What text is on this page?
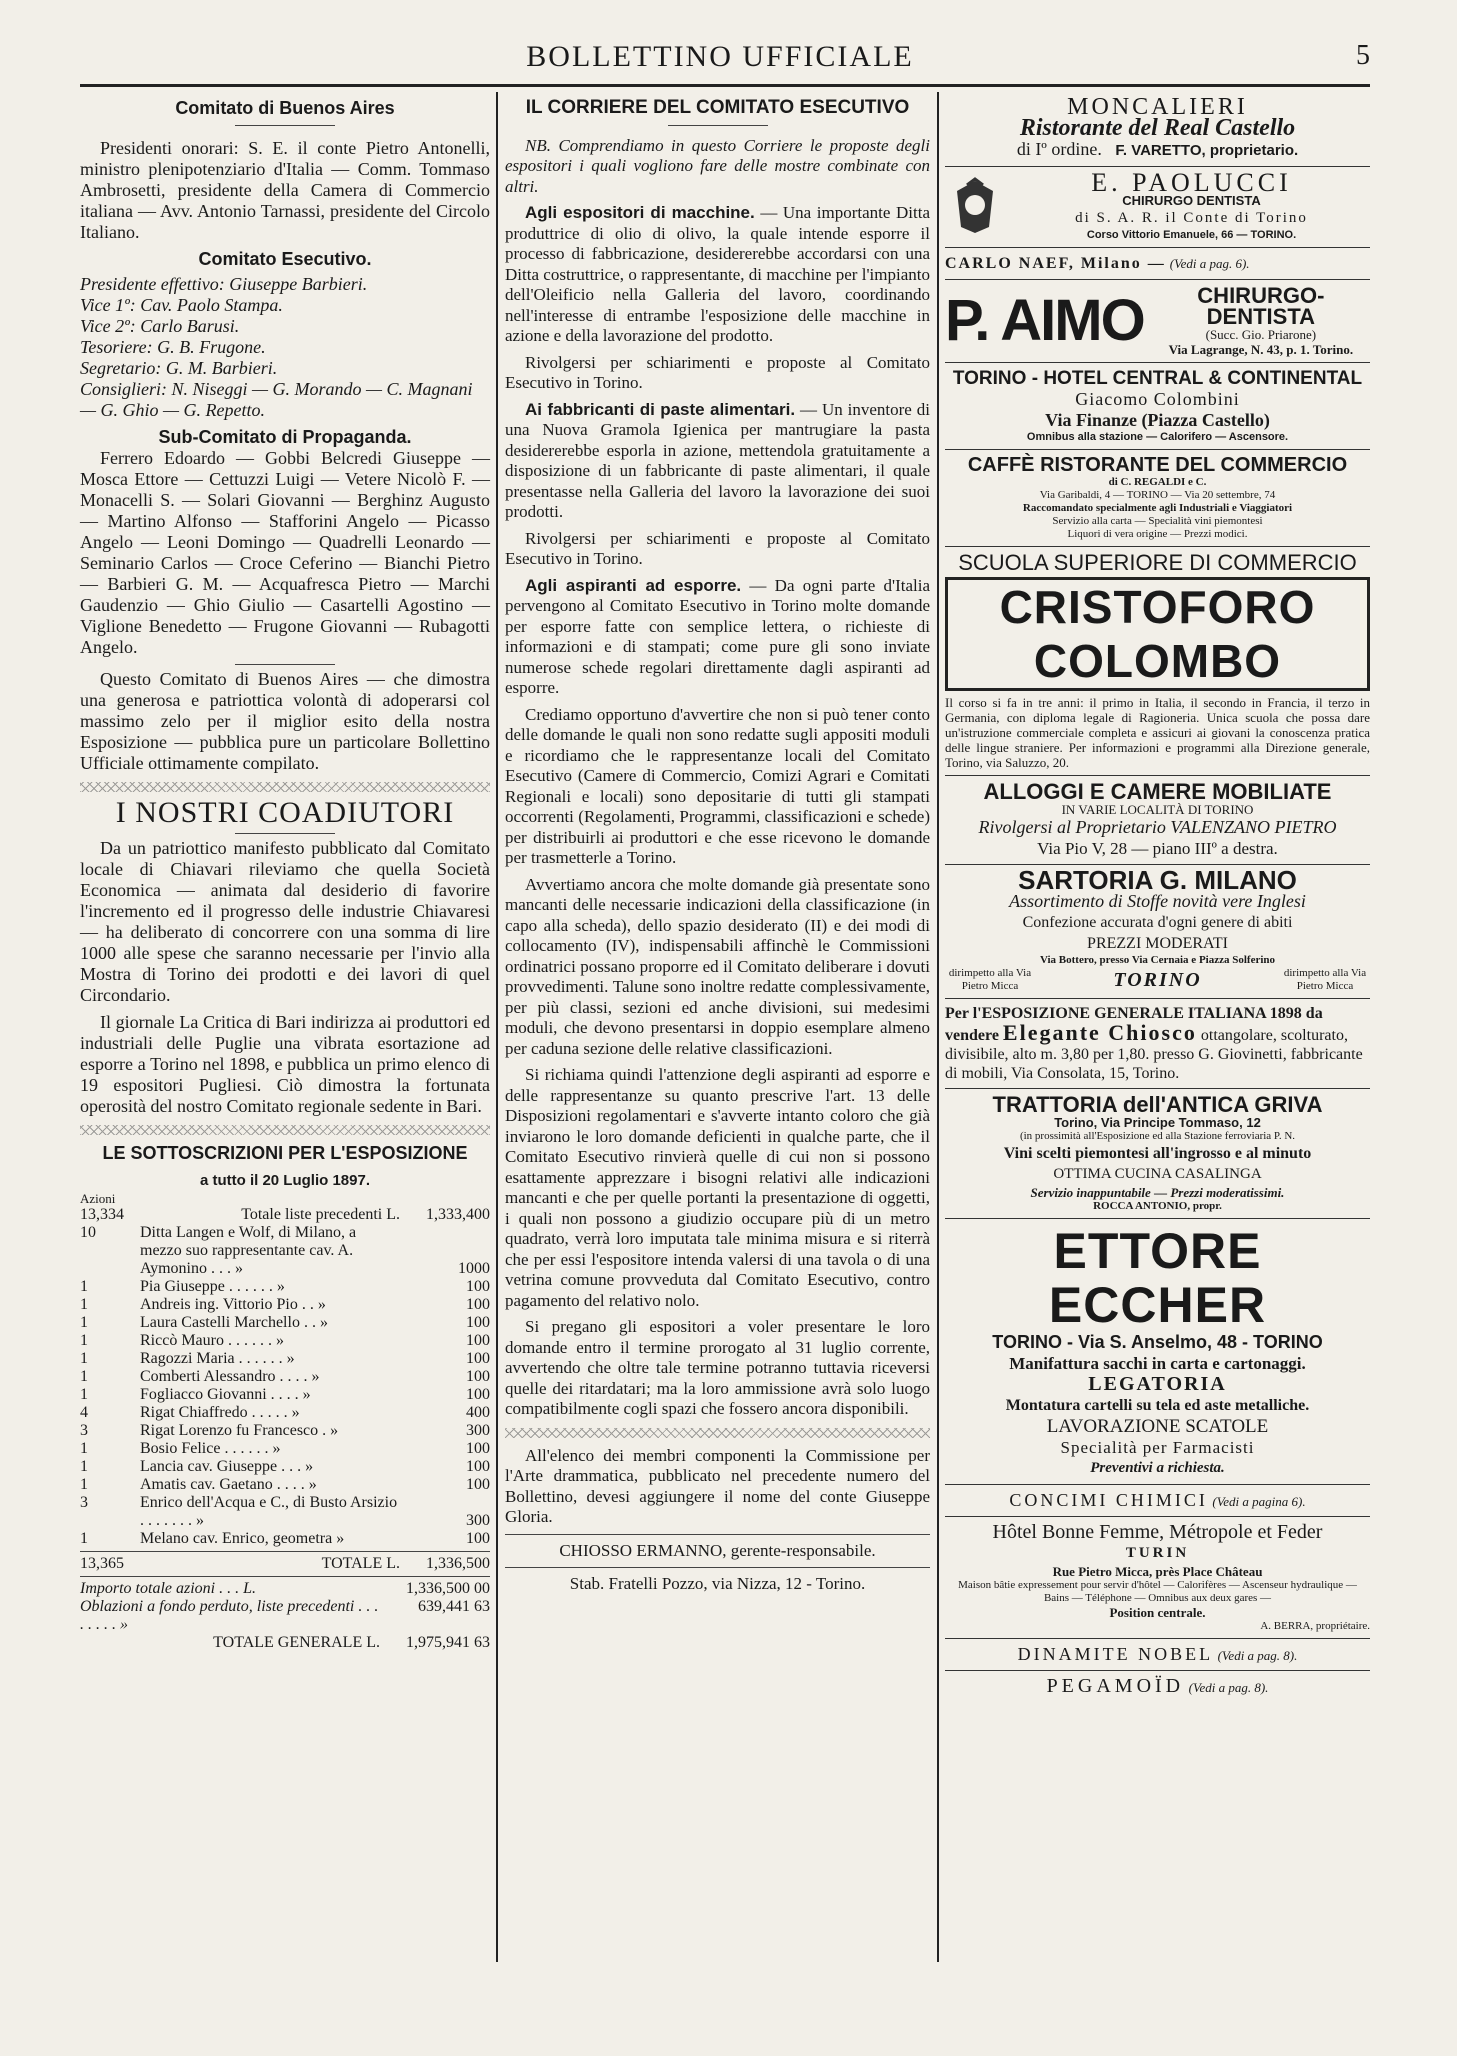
BOLLETTINO UFFICIALE	5
Comitato di Buenos Aires

Presidenti onorari: S. E. il conte Pietro Antonelli, ministro plenipotenziario d'Italia — Comm. Tommaso Ambrosetti, presidente della Camera di Commercio italiana — Avv. Antonio Tarnassi, presidente del Circolo Italiano.

Comitato Esecutivo.
Presidente effettivo: Giuseppe Barbieri.
Vice 1º: Cav. Paolo Stampa.
Vice 2º: Carlo Barusi.
Tesoriere: G. B. Frugone.
Segretario: G. M. Barbieri.
Consiglieri: N. Niseggi — G. Morando — C. Magnani — G. Ghio — G. Repetto.
Sub-Comitato di Propaganda.

Ferrero Edoardo — Gobbi Belcredi Giuseppe — Mosca Ettore — Cettuzzi Luigi — Vetere Nicolò F. — Monacelli S. — Solari Giovanni — Berghinz Augusto — Martino Alfonso — Stafforini Angelo — Picasso Angelo — Leoni Domingo — Quadrelli Leonardo — Seminario Carlos — Croce Ceferino — Bianchi Pietro — Barbieri G. M. — Acquafresca Pietro — Marchi Gaudenzio — Ghio Giulio — Casartelli Agostino — Viglione Benedetto — Frugone Giovanni — Rubagotti Angelo.

Questo Comitato di Buenos Aires — che dimostra una generosa e patriottica volontà di adoperarsi col massimo zelo per il miglior esito della nostra Esposizione — pubblica pure un particolare Bollettino Ufficiale ottimamente compilato.

I NOSTRI COADIUTORI

Da un patriottico manifesto pubblicato dal Comitato locale di Chiavari rileviamo che quella Società Economica — animata dal desiderio di favorire l'incremento ed il progresso delle industrie Chiavaresi — ha deliberato di concorrere con una somma di lire 1000 alle spese che saranno necessarie per l'invio alla Mostra di Torino dei prodotti e dei lavori di quel Circondario.

Il giornale La Critica di Bari indirizza ai produttori ed industriali delle Puglie una vibrata esortazione ad esporre a Torino nel 1898, e pubblica un primo elenco di 19 espositori Pugliesi. Ciò dimostra la fortunata operosità del nostro Comitato regionale sedente in Bari.

LE SOTTOSCRIZIONI PER L'ESPOSIZIONE
a tutto il 20 Luglio 1897.
Azioni
13,334	Totale liste precedenti L.	1,333,400
10	Ditta Langen e Wolf, di Milano, a mezzo suo rappresentante cav. A. Aymonino . . . »	1000
1	Pia Giuseppe . . . . . . »	100
1	Andreis ing. Vittorio Pio . . »	100
1	Laura Castelli Marchello . . »	100
1	Riccò Mauro . . . . . . »	100
1	Ragozzi Maria . . . . . . »	100
1	Comberti Alessandro . . . . »	100
1	Fogliacco Giovanni . . . . »	100
4	Rigat Chiaffredo . . . . . »	400
3	Rigat Lorenzo fu Francesco . »	300
1	Bosio Felice . . . . . . »	100
1	Lancia cav. Giuseppe . . . »	100
1	Amatis cav. Gaetano . . . . »	100
3	Enrico dell'Acqua e C., di Busto Arsizio . . . . . . . »	300
1	Melano cav. Enrico, geometra »	100
13,365	TOTALE L.	1,336,500
Importo totale azioni . . . L.	1,336,500 00
Oblazioni a fondo perduto, liste precedenti . . . . . . . . »	639,441 63
TOTALE GENERALE L.	1,975,941 63
IL CORRIERE DEL COMITATO ESECUTIVO

NB. Comprendiamo in questo Corriere le proposte degli espositori i quali vogliono fare delle mostre combinate con altri.

Agli espositori di macchine. — Una importante Ditta produttrice di olio di olivo, la quale intende esporre il processo di fabbricazione, desidererebbe accordarsi con una Ditta costruttrice, o rappresentante, di macchine per l'impianto dell'Oleificio nella Galleria del lavoro, coordinando nell'interesse di entrambe l'esposizione delle macchine in azione e della lavorazione del prodotto.

Rivolgersi per schiarimenti e proposte al Comitato Esecutivo in Torino.

Ai fabbricanti di paste alimentari. — Un inventore di una Nuova Gramola Igienica per mantrugiare la pasta desidererebbe esporla in azione, mettendola gratuitamente a disposizione di un fabbricante di paste alimentari, il quale presentasse nella Galleria del lavoro la lavorazione dei suoi prodotti.

Rivolgersi per schiarimenti e proposte al Comitato Esecutivo in Torino.

Agli aspiranti ad esporre. — Da ogni parte d'Italia pervengono al Comitato Esecutivo in Torino molte domande per esporre fatte con semplice lettera, o richieste di informazioni e di stampati; come pure gli sono inviate numerose schede regolari direttamente dagli aspiranti ad esporre.

Crediamo opportuno d'avvertire che non si può tener conto delle domande le quali non sono redatte sugli appositi moduli e ricordiamo che le rappresentanze locali del Comitato Esecutivo (Camere di Commercio, Comizi Agrari e Comitati Regionali e locali) sono depositarie di tutti gli stampati occorrenti (Regolamenti, Programmi, classificazioni e schede) per distribuirli ai produttori e che esse ricevono le domande per trasmetterle a Torino.

Avvertiamo ancora che molte domande già presentate sono mancanti delle necessarie indicazioni della classificazione (in capo alla scheda), dello spazio desiderato (II) e dei modi di collocamento (IV), indispensabili affinchè le Commissioni ordinatrici possano proporre ed il Comitato deliberare i dovuti provvedimenti. Talune sono inoltre redatte complessivamente, per più classi, sezioni ed anche divisioni, sui medesimi moduli, che devono presentarsi in doppio esemplare almeno per caduna sezione delle relative classificazioni.

Si richiama quindi l'attenzione degli aspiranti ad esporre e delle rappresentanze su quanto prescrive l'art. 13 delle Disposizioni regolamentari e s'avverte intanto coloro che già inviarono le loro domande deficienti in qualche parte, che il Comitato Esecutivo rinvierà quelle di cui non si possono esattamente apprezzare i bisogni relativi alle indicazioni mancanti e che per quelle portanti la presentazione di oggetti, i quali non possono a giudizio occupare più di un metro quadrato, verrà loro imputata tale minima misura e si riterrà che per essi l'espositore intenda valersi di una tavola o di una vetrina comune provveduta dal Comitato Esecutivo, contro pagamento del relativo nolo.

Si pregano gli espositori a voler presentare le loro domande entro il termine prorogato al 31 luglio corrente, avvertendo che oltre tale termine potranno tuttavia riceversi quelle dei ritardatari; ma la loro ammissione avrà solo luogo compatibilmente cogli spazi che fossero ancora disponibili.

All'elenco dei membri componenti la Commissione per l'Arte drammatica, pubblicato nel precedente numero del Bollettino, devesi aggiungere il nome del conte Giuseppe Gloria.

CHIOSSO ERMANNO, gerente-responsabile.
Stab. Fratelli Pozzo, via Nizza, 12 - Torino.
MONCALIERI
Ristorante del Real Castello
di Iº ordine. F. VARETTO, proprietario.
E. PAOLUCCI
CHIRURGO DENTISTA
di S. A. R. il Conte di Torino
Corso Vittorio Emanuele, 66 — TORINO.
CARLO NAEF, Milano — (Vedi a pag. 6).
P. AIMO	CHIRURGO-DENTISTA
(Succ. Gio. Priarone)
Via Lagrange, N. 43, p. 1. Torino.
TORINO - HOTEL CENTRAL & CONTINENTAL
Giacomo Colombini
Via Finanze (Piazza Castello)
Omnibus alla stazione — Calorifero — Ascensore.
CAFFÈ RISTORANTE DEL COMMERCIO
di C. REGALDI e C.
Via Garibaldi, 4 — TORINO — Via 20 settembre, 74
Raccomandato specialmente agli Industriali e Viaggiatori
Servizio alla carta — Specialità vini piemontesi
Liquori di vera origine — Prezzi modici.
SCUOLA SUPERIORE DI COMMERCIO
CRISTOFORO COLOMBO
Il corso si fa in tre anni: il primo in Italia, il secondo in Francia, il terzo in Germania, con diploma legale di Ragioneria. Unica scuola che possa dare un'istruzione commerciale completa e assicuri ai giovani la conoscenza pratica delle lingue straniere. Per informazioni e programmi alla Direzione generale, Torino, via Saluzzo, 20.
ALLOGGI E CAMERE MOBILIATE
IN VARIE LOCALITÀ DI TORINO
Rivolgersi al Proprietario VALENZANO PIETRO
Via Pio V, 28 — piano IIIº a destra.
SARTORIA G. MILANO
Assortimento di Stoffe novità vere Inglesi
Confezione accurata d'ogni genere di abiti
PREZZI MODERATI
Via Bottero, presso Via Cernaia e Piazza Solferino
dirimpetto alla Via Pietro Micca	TORINO	dirimpetto alla Via Pietro Micca
Per l'ESPOSIZIONE GENERALE ITALIANA 1898 da vendere Elegante Chiosco ottangolare, scolturato, divisibile, alto m. 3,80 per 1,80. presso G. Giovinetti, fabbricante di mobili, Via Consolata, 15, Torino.
TRATTORIA dell'ANTICA GRIVA
Torino, Via Principe Tommaso, 12
(in prossimità all'Esposizione ed alla Stazione ferroviaria P. N.
Vini scelti piemontesi all'ingrosso e al minuto
OTTIMA CUCINA CASALINGA
Servizio inappuntabile — Prezzi moderatissimi.
ROCCA ANTONIO, propr.
ETTORE ECCHER
TORINO - Via S. Anselmo, 48 - TORINO
Manifattura sacchi in carta e cartonaggi.
LEGATORIA
Montatura cartelli su tela ed aste metalliche.
LAVORAZIONE SCATOLE
Specialità per Farmacisti
Preventivi a richiesta.
CONCIMI CHIMICI (Vedi a pagina 6).
Hôtel Bonne Femme, Métropole et Feder
TURIN
Rue Pietro Micca, près Place Château
Maison bâtie expressement pour servir d'hôtel — Calorifères — Ascenseur hydraulique — Bains — Téléphone — Omnibus aux deux gares —
Position centrale.
A. BERRA, propriétaire.
DINAMITE NOBEL (Vedi a pag. 8).
PEGAMOÏD (Vedi a pag. 8).
